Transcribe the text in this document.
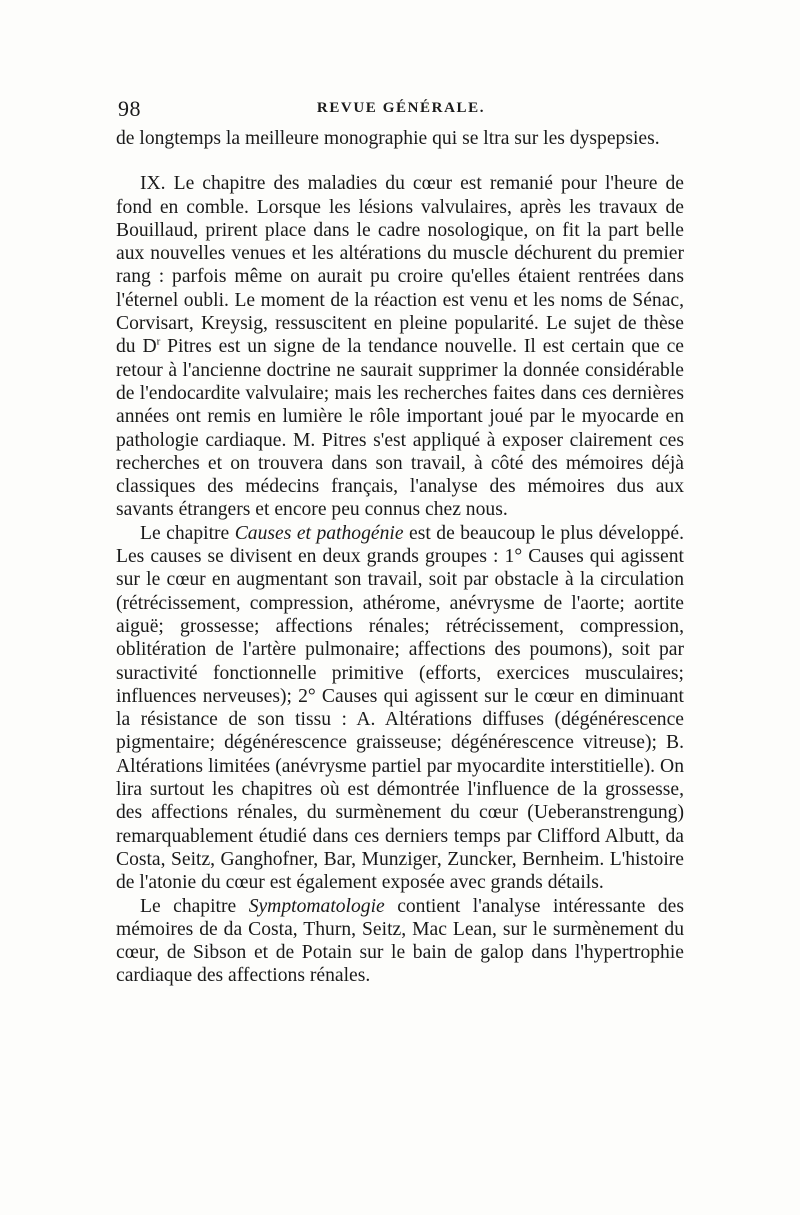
98	REVUE GÉNÉRALE.

de longtemps la meilleure monographie qui se ltra sur les dyspepsies.

IX. Le chapitre des maladies du cœur est remanié pour l'heure de fond en comble. Lorsque les lésions valvulaires, après les travaux de Bouillaud, prirent place dans le cadre nosologique, on fit la part belle aux nouvelles venues et les altérations du muscle déchurent du premier rang : parfois même on aurait pu croire qu'elles étaient rentrées dans l'éternel oubli. Le moment de la réaction est venu et les noms de Sénac, Corvisart, Kreysig, ressuscitent en pleine popularité. Le sujet de thèse du $D^r$ Pitres est un signe de la tendance nouvelle. Il est certain que ce retour à l'ancienne doctrine ne saurait supprimer la donnée considérable de l'endocardite valvulaire; mais les recherches faites dans ces dernières années ont remis en lumière le rôle important joué par le myocarde en pathologie cardiaque. M. Pitres s'est appliqué à exposer clairement ces recherches et on trouvera dans son travail, à côté des mémoires déjà classiques des médecins français, l'analyse des mémoires dus aux savants étrangers et encore peu connus chez nous.

Le chapitre Causes et pathogénie est de beaucoup le plus développé. Les causes se divisent en deux grands groupes : 1° Causes qui agissent sur le cœur en augmentant son travail, soit par obstacle à la circulation (rétrécissement, compression, athérome, anévrysme de l'aorte; aortite aiguë; grossesse; affections rénales; rétrécissement, compression, oblitération de l'artère pulmonaire; affections des poumons), soit par suractivité fonctionnelle primitive (efforts, exercices musculaires; influences nerveuses); 2° Causes qui agissent sur le cœur en diminuant la résistance de son tissu : A. Altérations diffuses (dégénérescence pigmentaire; dégénérescence graisseuse; dégénérescence vitreuse); B. Altérations limitées (anévrysme partiel par myocardite interstitielle). On lira surtout les chapitres où est démontrée l'influence de la grossesse, des affections rénales, du surmènement du cœur (Ueberanstrengung) remarquablement étudié dans ces derniers temps par Clifford Albutt, da Costa, Seitz, Ganghofner, Bar, Munziger, Zuncker, Bernheim. L'histoire de l'atonie du cœur est également exposée avec grands détails.

Le chapitre Symptomatologie contient l'analyse intéressante des mémoires de da Costa, Thurn, Seitz, Mac Lean, sur le surmènement du cœur, de Sibson et de Potain sur le bain de galop dans l'hypertrophie cardiaque des affections rénales.
